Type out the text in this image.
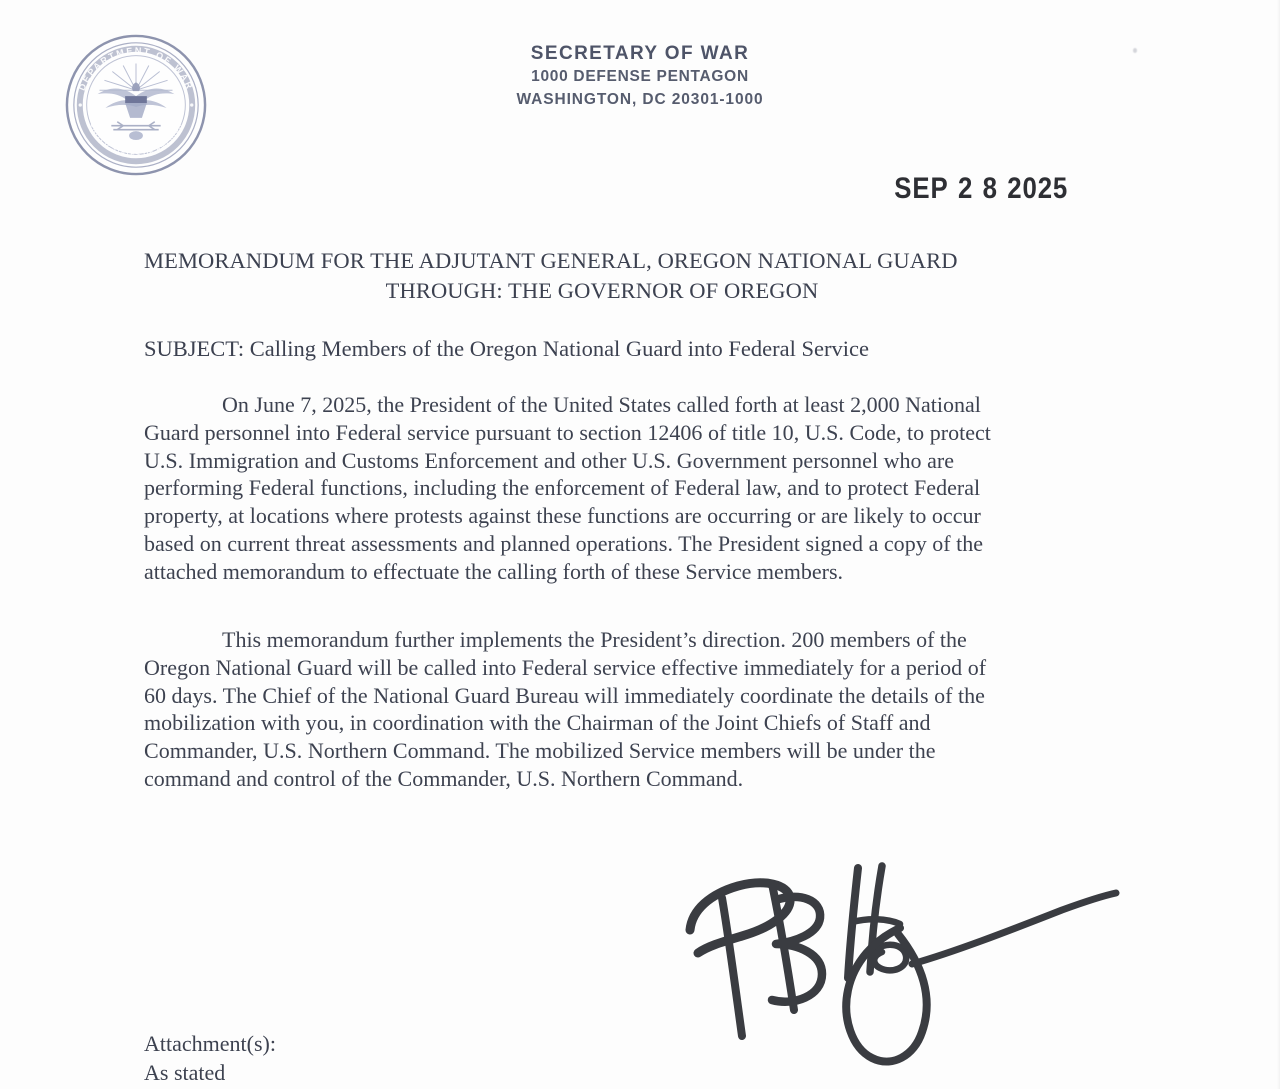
DEPARTMENT OF WAR
UNITED STATES OF AMERICA
SECRETARY OF WAR
1000 DEFENSE PENTAGON
WASHINGTON, DC 20301-1000
SEP 2 8 2025
MEMORANDUM FOR THE ADJUTANT GENERAL, OREGON NATIONAL GUARD
THROUGH: THE GOVERNOR OF OREGON
SUBJECT: Calling Members of the Oregon National Guard into Federal Service
On June 7, 2025, the President of the United States called forth at least 2,000 National
Guard personnel into Federal service pursuant to section 12406 of title 10, U.S. Code, to protect
U.S. Immigration and Customs Enforcement and other U.S. Government personnel who are
performing Federal functions, including the enforcement of Federal law, and to protect Federal
property, at locations where protests against these functions are occurring or are likely to occur
based on current threat assessments and planned operations. The President signed a copy of the
attached memorandum to effectuate the calling forth of these Service members.
This memorandum further implements the President’s direction. 200 members of the
Oregon National Guard will be called into Federal service effective immediately for a period of
60 days. The Chief of the National Guard Bureau will immediately coordinate the details of the
mobilization with you, in coordination with the Chairman of the Joint Chiefs of Staff and
Commander, U.S. Northern Command. The mobilized Service members will be under the
command and control of the Commander, U.S. Northern Command.
Attachment(s):
As stated
